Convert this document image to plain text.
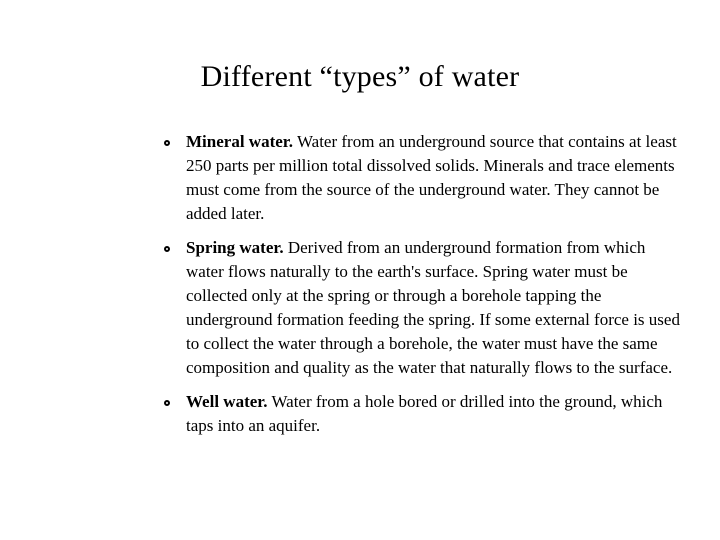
Different “types” of water
Mineral water. Water from an underground source that contains at least 250 parts per million total dissolved solids. Minerals and trace elements must come from the source of the underground water. They cannot be added later.
Spring water. Derived from an underground formation from which water flows naturally to the earth's surface. Spring water must be collected only at the spring or through a borehole tapping the underground formation feeding the spring. If some external force is used to collect the water through a borehole, the water must have the same composition and quality as the water that naturally flows to the surface.
Well water. Water from a hole bored or drilled into the ground, which taps into an aquifer.
